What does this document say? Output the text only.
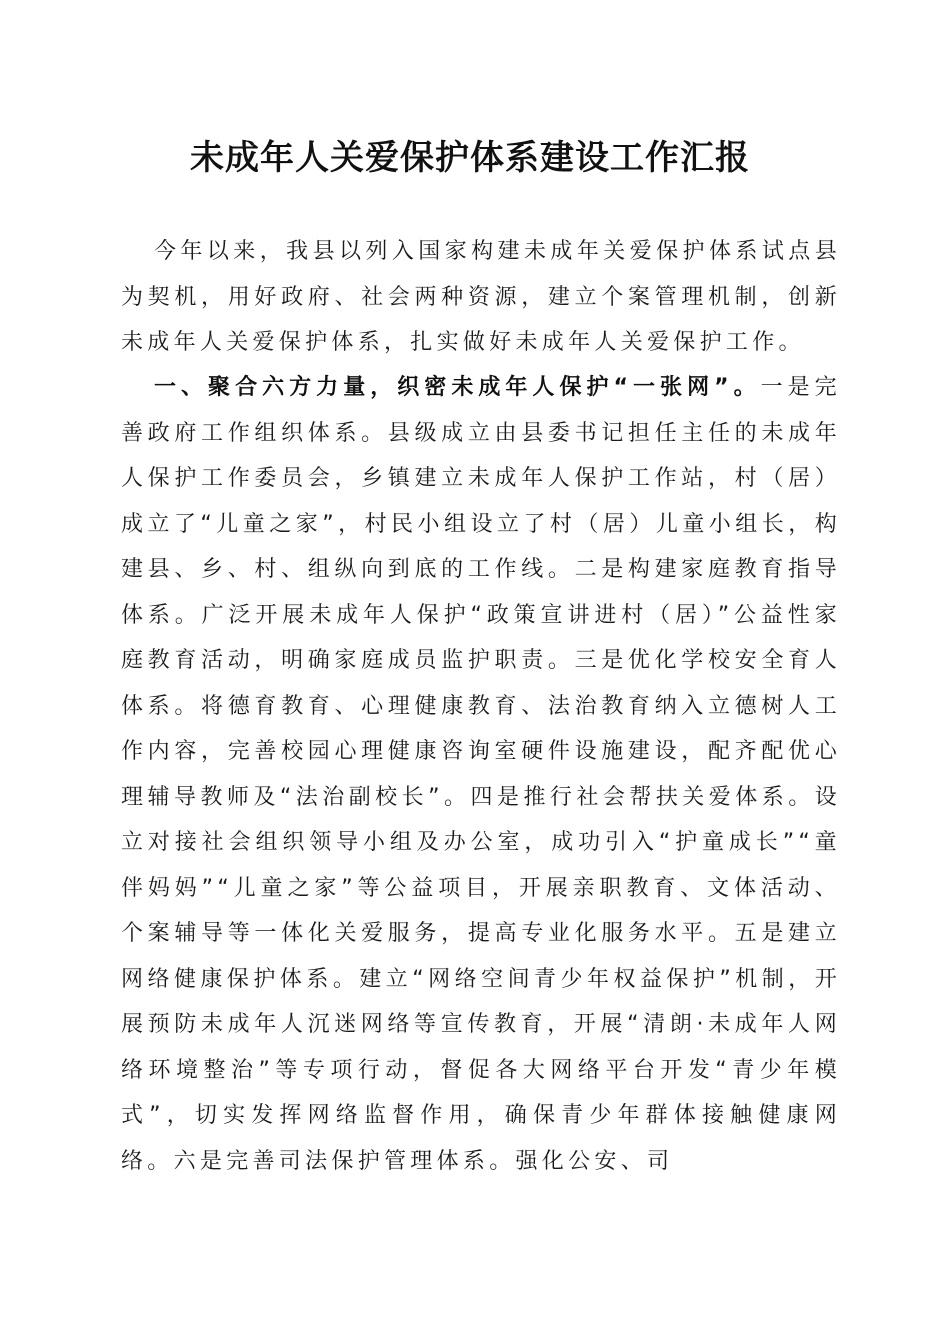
未成年人关爱保护体系建设工作汇报

今年以来，我县以列入国家构建未成年关爱保护体系试点县为契机，用好政府、社会两种资源，建立个案管理机制，创新未成年人关爱保护体系，扎实做好未成年人关爱保护工作。

一、聚合六方力量，织密未成年人保护“一张网”。一是完善政府工作组织体系。县级成立由县委书记担任主任的未成年人保护工作委员会，乡镇建立未成年人保护工作站，村（居）成立了“儿童之家”，村民小组设立了村（居）儿童小组长，构建县、乡、村、组纵向到底的工作线。二是构建家庭教育指导体系。广泛开展未成年人保护“政策宣讲进村（居）”公益性家庭教育活动，明确家庭成员监护职责。三是优化学校安全育人体系。将德育教育、心理健康教育、法治教育纳入立德树人工作内容，完善校园心理健康咨询室硬件设施建设，配齐配优心理辅导教师及“法治副校长”。四是推行社会帮扶关爱体系。设立对接社会组织领导小组及办公室，成功引入“护童成长”“童伴妈妈”“儿童之家”等公益项目，开展亲职教育、文体活动、个案辅导等一体化关爱服务，提高专业化服务水平。五是建立网络健康保护体系。建立“网络空间青少年权益保护”机制，开展预防未成年人沉迷网络等宣传教育，开展“清朗·未成年人网络环境整治”等专项行动，督促各大网络平台开发“青少年模式”，切实发挥网络监督作用，确保青少年群体接触健康网络。六是完善司法保护管理体系。强化公安、司
